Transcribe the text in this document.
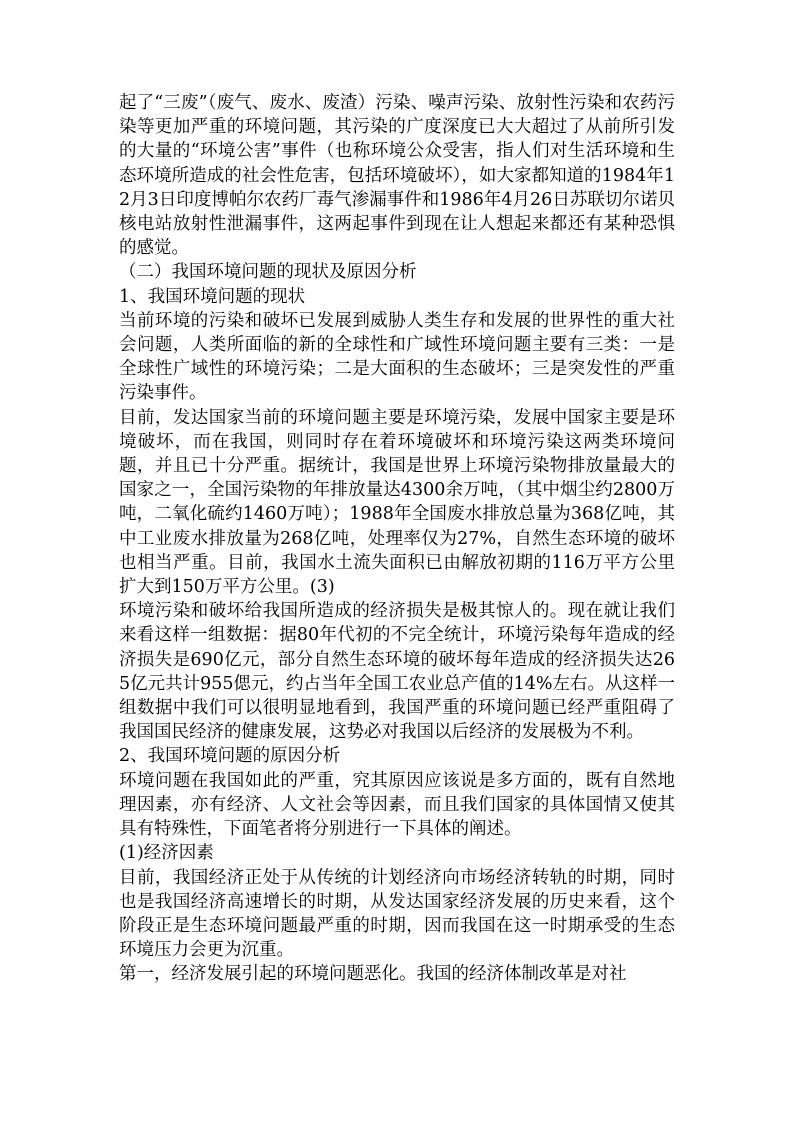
起了“三废”（废气、废水、废渣）污染、噪声污染、放射性污染和农药污染等更加严重的环境问题，其污染的广度深度已大大超过了从前所引发的大量的“环境公害”事件（也称环境公众受害，指人们对生活环境和生态环境所造成的社会性危害，包括环境破坏），如大家都知道的1984年12月3日印度博帕尔农药厂毒气渗漏事件和1986年4月26日苏联切尔诺贝核电站放射性泄漏事件，这两起事件到现在让人想起来都还有某种恐惧的感觉。

（二）我国环境问题的现状及原因分析

1、我国环境问题的现状

当前环境的污染和破坏已发展到威胁人类生存和发展的世界性的重大社会问题，人类所面临的新的全球性和广域性环境问题主要有三类：一是全球性广域性的环境污染；二是大面积的生态破坏；三是突发性的严重污染事件。

目前，发达国家当前的环境问题主要是环境污染，发展中国家主要是环境破坏，而在我国，则同时存在着环境破坏和环境污染这两类环境问题，并且已十分严重。据统计，我国是世界上环境污染物排放量最大的国家之一，全国污染物的年排放量达4300余万吨，（其中烟尘约2800万吨，二氧化硫约1460万吨）；1988年全国废水排放总量为368亿吨，其中工业废水排放量为268亿吨，处理率仅为27%，自然生态环境的破坏也相当严重。目前，我国水土流失面积已由解放初期的116万平方公里扩大到150万平方公里。(3)

环境污染和破坏给我国所造成的经济损失是极其惊人的。现在就让我们来看这样一组数据：据80年代初的不完全统计，环境污染每年造成的经济损失是690亿元，部分自然生态环境的破坏每年造成的经济损失达265亿元共计955偲元，约占当年全国工农业总产值的14%左右。从这样一组数据中我们可以很明显地看到，我国严重的环境问题已经严重阻碍了我国国民经济的健康发展，这势必对我国以后经济的发展极为不利。

2、我国环境问题的原因分析

环境问题在我国如此的严重，究其原因应该说是多方面的，既有自然地理因素，亦有经济、人文社会等因素，而且我们国家的具体国情又使其具有特殊性，下面笔者将分别进行一下具体的阐述。

(1)经济因素

目前，我国经济正处于从传统的计划经济向市场经济转轨的时期，同时也是我国经济高速增长的时期，从发达国家经济发展的历史来看，这个阶段正是生态环境问题最严重的时期，因而我国在这一时期承受的生态环境压力会更为沉重。

第一，经济发展引起的环境问题恶化。我国的经济体制改革是对社
